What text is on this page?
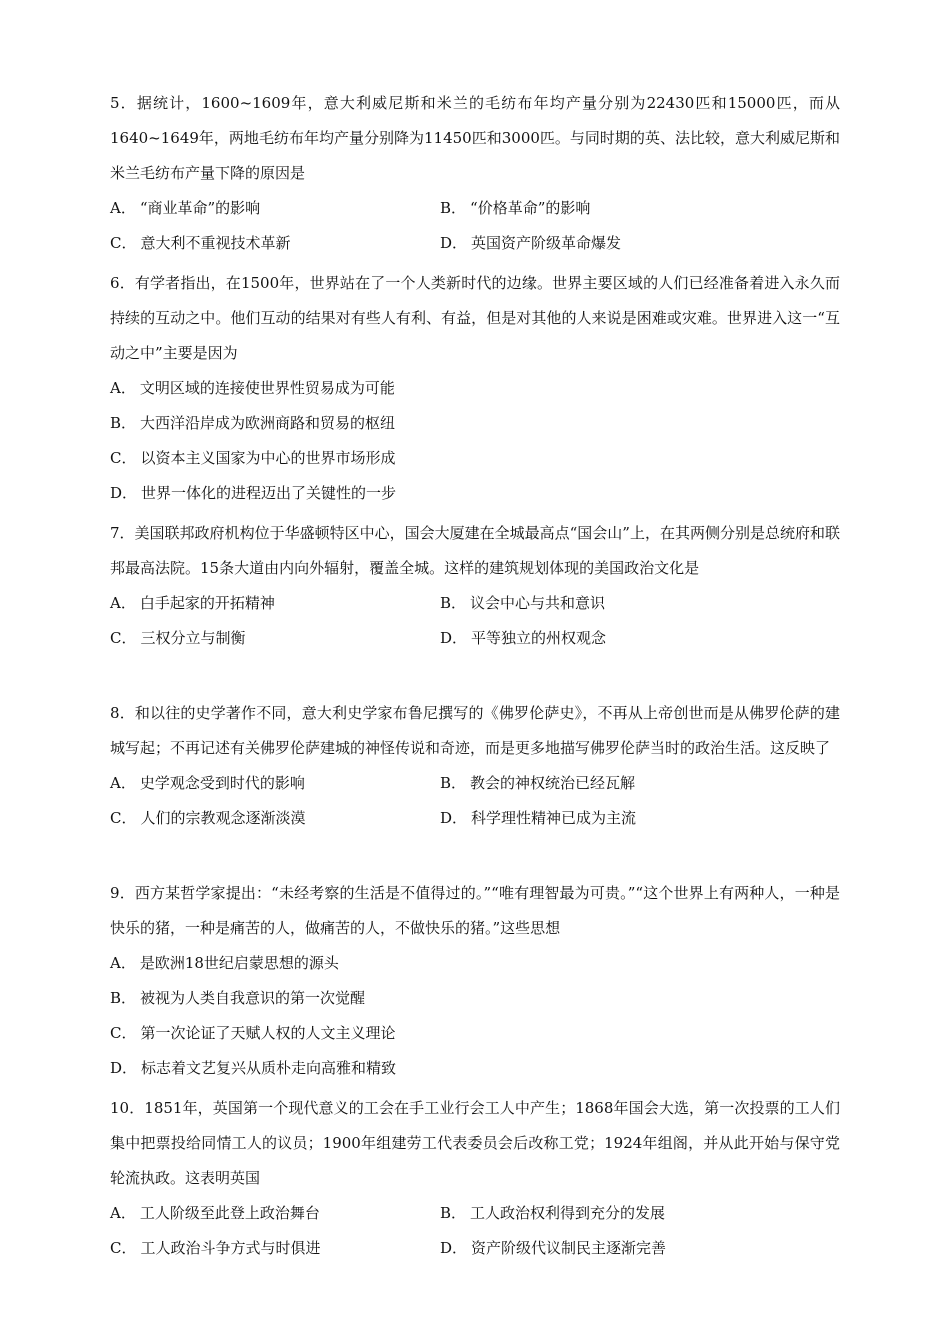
5．据统计，1600~1609年，意大利威尼斯和米兰的毛纺布年均产量分别为22430匹和15000匹，而从1640~1649年，两地毛纺布年均产量分别降为11450匹和3000匹。与同时期的英、法比较，意大利威尼斯和米兰毛纺布产量下降的原因是

A． “商业革命”的影响	B． “价格革命”的影响
C． 意大利不重视技术革新	D． 英国资产阶级革命爆发

6．有学者指出，在1500年，世界站在了一个人类新时代的边缘。世界主要区域的人们已经准备着进入永久而持续的互动之中。他们互动的结果对有些人有利、有益，但是对其他的人来说是困难或灾难。世界进入这一“互动之中”主要是因为

A． 文明区域的连接使世界性贸易成为可能
B． 大西洋沿岸成为欧洲商路和贸易的枢纽
C． 以资本主义国家为中心的世界市场形成
D． 世界一体化的进程迈出了关键性的一步

7．美国联邦政府机构位于华盛顿特区中心，国会大厦建在全城最高点“国会山”上，在其两侧分别是总统府和联邦最高法院。15条大道由内向外辐射，覆盖全城。这样的建筑规划体现的美国政治文化是

A． 白手起家的开拓精神	B． 议会中心与共和意识
C． 三权分立与制衡	D． 平等独立的州权观念

8．和以往的史学著作不同，意大利史学家布鲁尼撰写的《佛罗伦萨史》，不再从上帝创世而是从佛罗伦萨的建城写起；不再记述有关佛罗伦萨建城的神怪传说和奇迹，而是更多地描写佛罗伦萨当时的政治生活。这反映了

A． 史学观念受到时代的影响	B． 教会的神权统治已经瓦解
C． 人们的宗教观念逐渐淡漠	D． 科学理性精神已成为主流

9．西方某哲学家提出：“未经考察的生活是不值得过的。”“唯有理智最为可贵。”“这个世界上有两种人，一种是快乐的猪，一种是痛苦的人，做痛苦的人，不做快乐的猪。”这些思想

A． 是欧洲18世纪启蒙思想的源头
B． 被视为人类自我意识的第一次觉醒
C． 第一次论证了天赋人权的人文主义理论
D． 标志着文艺复兴从质朴走向高雅和精致

10．1851年，英国第一个现代意义的工会在手工业行会工人中产生；1868年国会大选，第一次投票的工人们集中把票投给同情工人的议员；1900年组建劳工代表委员会后改称工党；1924年组阁，并从此开始与保守党轮流执政。这表明英国

A． 工人阶级至此登上政治舞台	B． 工人政治权利得到充分的发展
C． 工人政治斗争方式与时俱进	D． 资产阶级代议制民主逐渐完善
